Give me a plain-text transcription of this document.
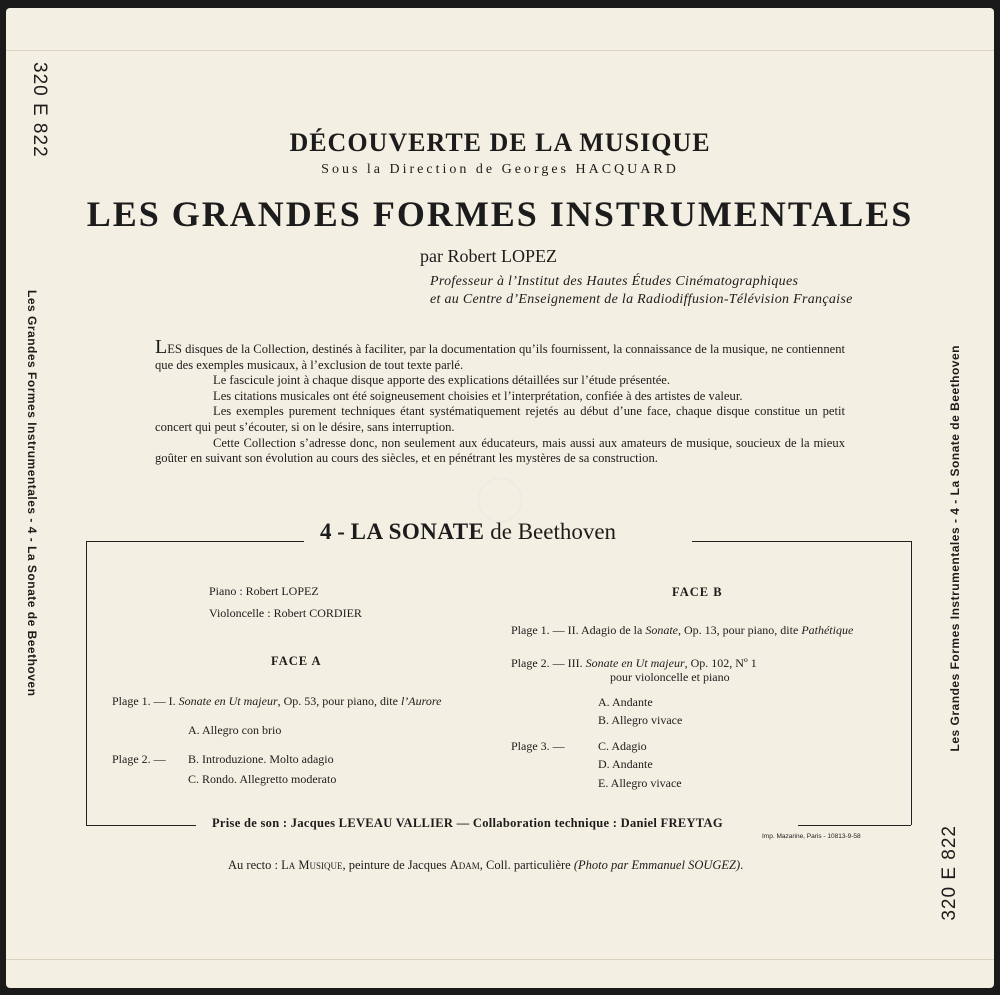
320 E 822
320 E 822
Les Grandes Formes Instrumentales - 4 - La Sonate de Beethoven	Les Grandes Formes Instrumentales - 4 - La Sonate de Beethoven
DÉCOUVERTE DE LA MUSIQUE
Sous la Direction de Georges HACQUARD
LES GRANDES FORMES INSTRUMENTALES
par Robert LOPEZ
Professeur à l’Institut des Hautes Études Cinématographiques
et au Centre d’Enseignement de la Radiodiffusion-Télévision Française

LES disques de la Collection, destinés à faciliter, par la documentation qu’ils fournissent, la connaissance de la musique, ne contiennent que des exemples musicaux, à l’exclusion de tout texte parlé.

Le fascicule joint à chaque disque apporte des explications détaillées sur l’étude présentée.

Les citations musicales ont été soigneusement choisies et l’interprétation, confiée à des artistes de valeur.

Les exemples purement techniques étant systématiquement rejetés au début d’une face, chaque disque constitue un petit concert qui peut s’écouter, si on le désire, sans interruption.

Cette Collection s’adresse donc, non seulement aux éducateurs, mais aussi aux amateurs de musique, soucieux de la mieux goûter en suivant son évolution au cours des siècles, et en pénétrant les mystères de sa construction.

4 - LA SONATE de Beethoven
Piano : Robert LOPEZ
Violoncelle : Robert CORDIER
FACE A
Plage 1. — I. Sonate en Ut majeur, Op. 53, pour piano, dite l’Aurore
A. Allegro con brio
Plage 2. — B. Introduzione. Molto adagio
C. Rondo. Allegretto moderato
FACE B
Plage 1. — II. Adagio de la Sonate, Op. 13, pour piano, dite Pathétique
Plage 2. — III. Sonate en Ut majeur, Op. 102, Nº 1
pour violoncelle et piano
A. Andante
B. Allegro vivace
Plage 3. —	C. Adagio
D. Andante
E. Allegro vivace
Prise de son : Jacques LEVEAU VALLIER — Collaboration technique : Daniel FREYTAG
Imp. Mazarine, Paris - 10813-9-58
Au recto : La Musique, peinture de Jacques Adam, Coll. particulière (Photo par Emmanuel SOUGEZ).
